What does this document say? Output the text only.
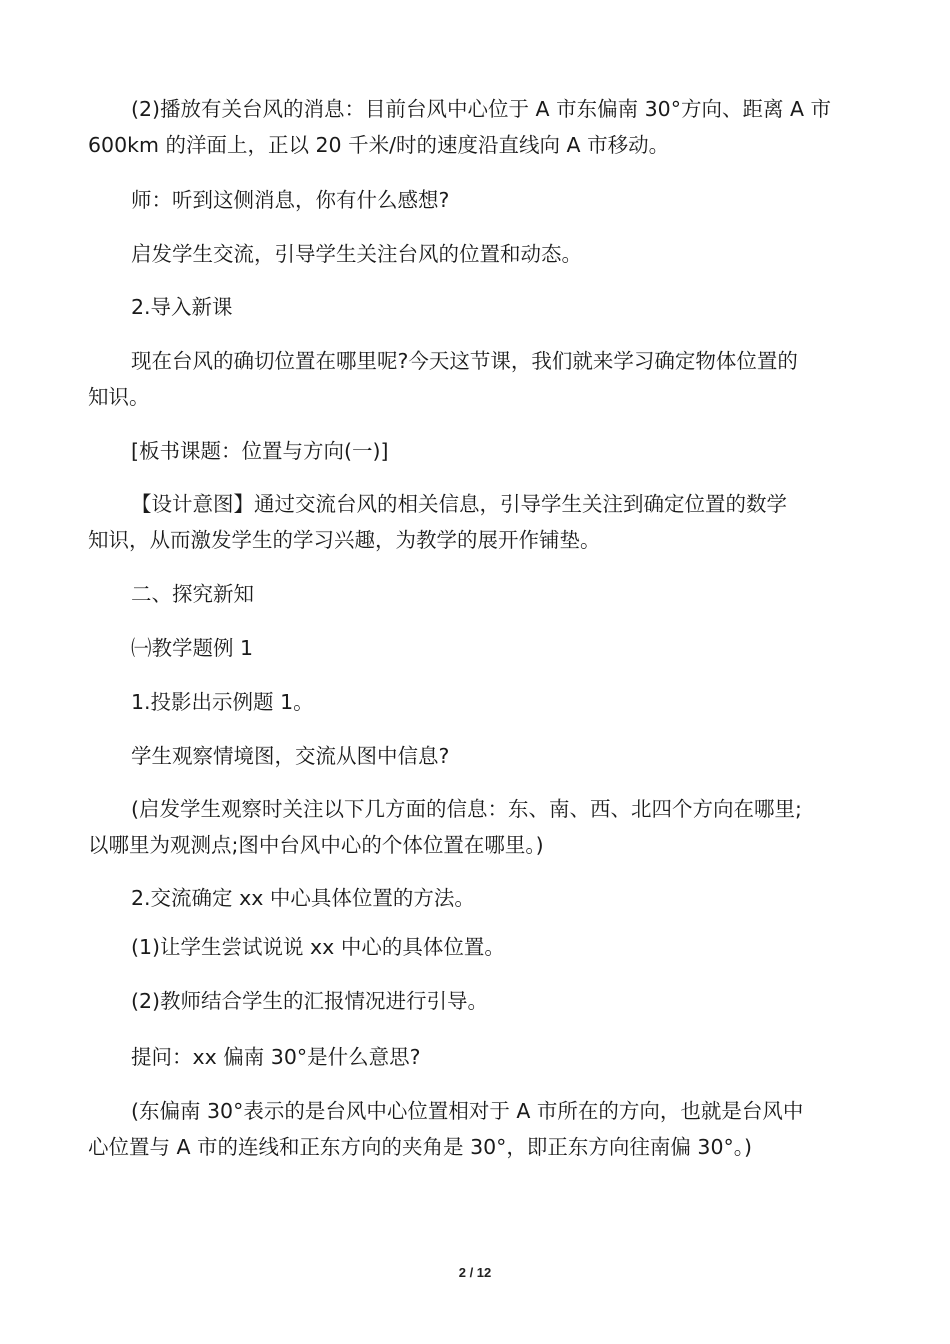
(2)播放有关台风的消息：目前台风中心位于 A 市东偏南 30°方向、距离 A 市
600km 的洋面上，正以 20 千米/时的速度沿直线向 A 市移动。

师：听到这侧消息，你有什么感想?

启发学生交流，引导学生关注台风的位置和动态。

2.导入新课

现在台风的确切位置在哪里呢?今天这节课，我们就来学习确定物体位置的
知识。

[板书课题：位置与方向(一)]

【设计意图】通过交流台风的相关信息，引导学生关注到确定位置的数学
知识，从而激发学生的学习兴趣，为教学的展开作铺垫。

二、探究新知

㈠教学题例 1

1.投影出示例题 1。

学生观察情境图，交流从图中信息?

(启发学生观察时关注以下几方面的信息：东、南、西、北四个方向在哪里;
以哪里为观测点;图中台风中心的个体位置在哪里。)

2.交流确定 xx 中心具体位置的方法。

(1)让学生尝试说说 xx 中心的具体位置。

(2)教师结合学生的汇报情况进行引导。

提问：xx 偏南 30°是什么意思?

(东偏南 30°表示的是台风中心位置相对于 A 市所在的方向，也就是台风中
心位置与 A 市的连线和正东方向的夹角是 30°，即正东方向往南偏 30°。)

2 / 12
